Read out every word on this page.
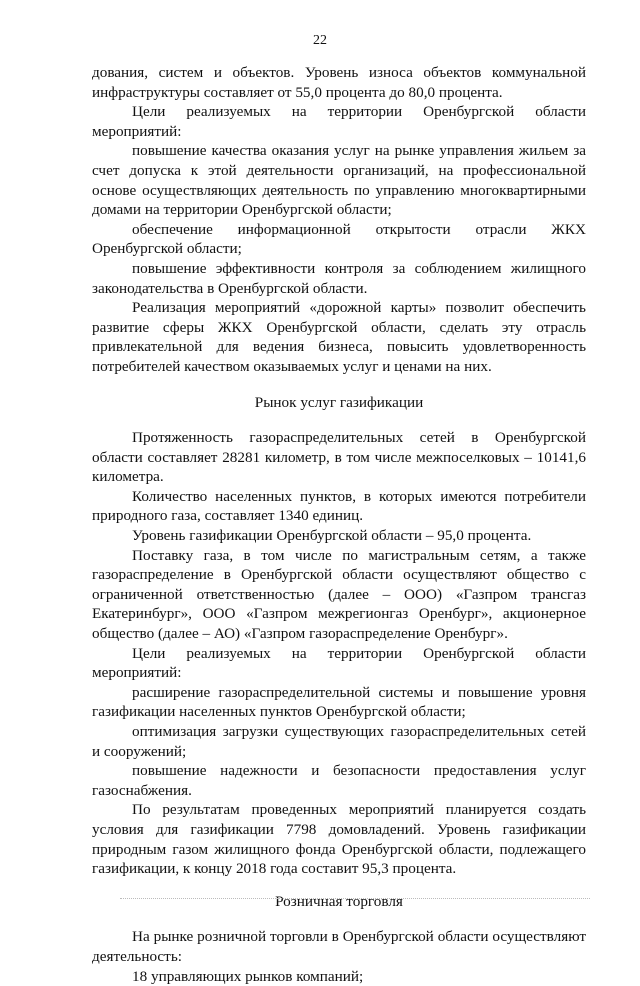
22

дования, систем и объектов. Уровень износа объектов коммунальной инфраструктуры составляет от 55,0 процента до 80,0 процента.

Цели реализуемых на территории Оренбургской области мероприятий:

повышение качества оказания услуг на рынке управления жильем за счет допуска к этой деятельности организаций, на профессиональной основе осуществляющих деятельность по управлению многоквартирными домами на территории Оренбургской области;

обеспечение информационной открытости отрасли ЖКХ Оренбургской области;

повышение эффективности контроля за соблюдением жилищного законодательства в Оренбургской области.

Реализация мероприятий «дорожной карты» позволит обеспечить развитие сферы ЖКХ Оренбургской области, сделать эту отрасль привлекательной для ведения бизнеса, повысить удовлетворенность потребителей качеством оказываемых услуг и ценами на них.

Рынок услуг газификации

Протяженность газораспределительных сетей в Оренбургской области составляет 28281 километр, в том числе межпоселковых – 10141,6 километра.

Количество населенных пунктов, в которых имеются потребители природного газа, составляет 1340 единиц.

Уровень газификации Оренбургской области – 95,0 процента.

Поставку газа, в том числе по магистральным сетям, а также газораспределение в Оренбургской области осуществляют общество с ограниченной ответственностью (далее – ООО) «Газпром трансгаз Екатеринбург», ООО «Газпром межрегионгаз Оренбург», акционерное общество (далее – АО) «Газпром газораспределение Оренбург».

Цели реализуемых на территории Оренбургской области мероприятий:

расширение газораспределительной системы и повышение уровня газификации населенных пунктов Оренбургской области;

оптимизация загрузки существующих газораспределительных сетей и сооружений;

повышение надежности и безопасности предоставления услуг газоснабжения.

По результатам проведенных мероприятий планируется создать условия для газификации 7798 домовладений. Уровень газификации природным газом жилищного фонда Оренбургской области, подлежащего газификации, к концу 2018 года составит 95,3 процента.

Розничная торговля

На рынке розничной торговли в Оренбургской области осуществляют деятельность:

18 управляющих рынков компаний;
